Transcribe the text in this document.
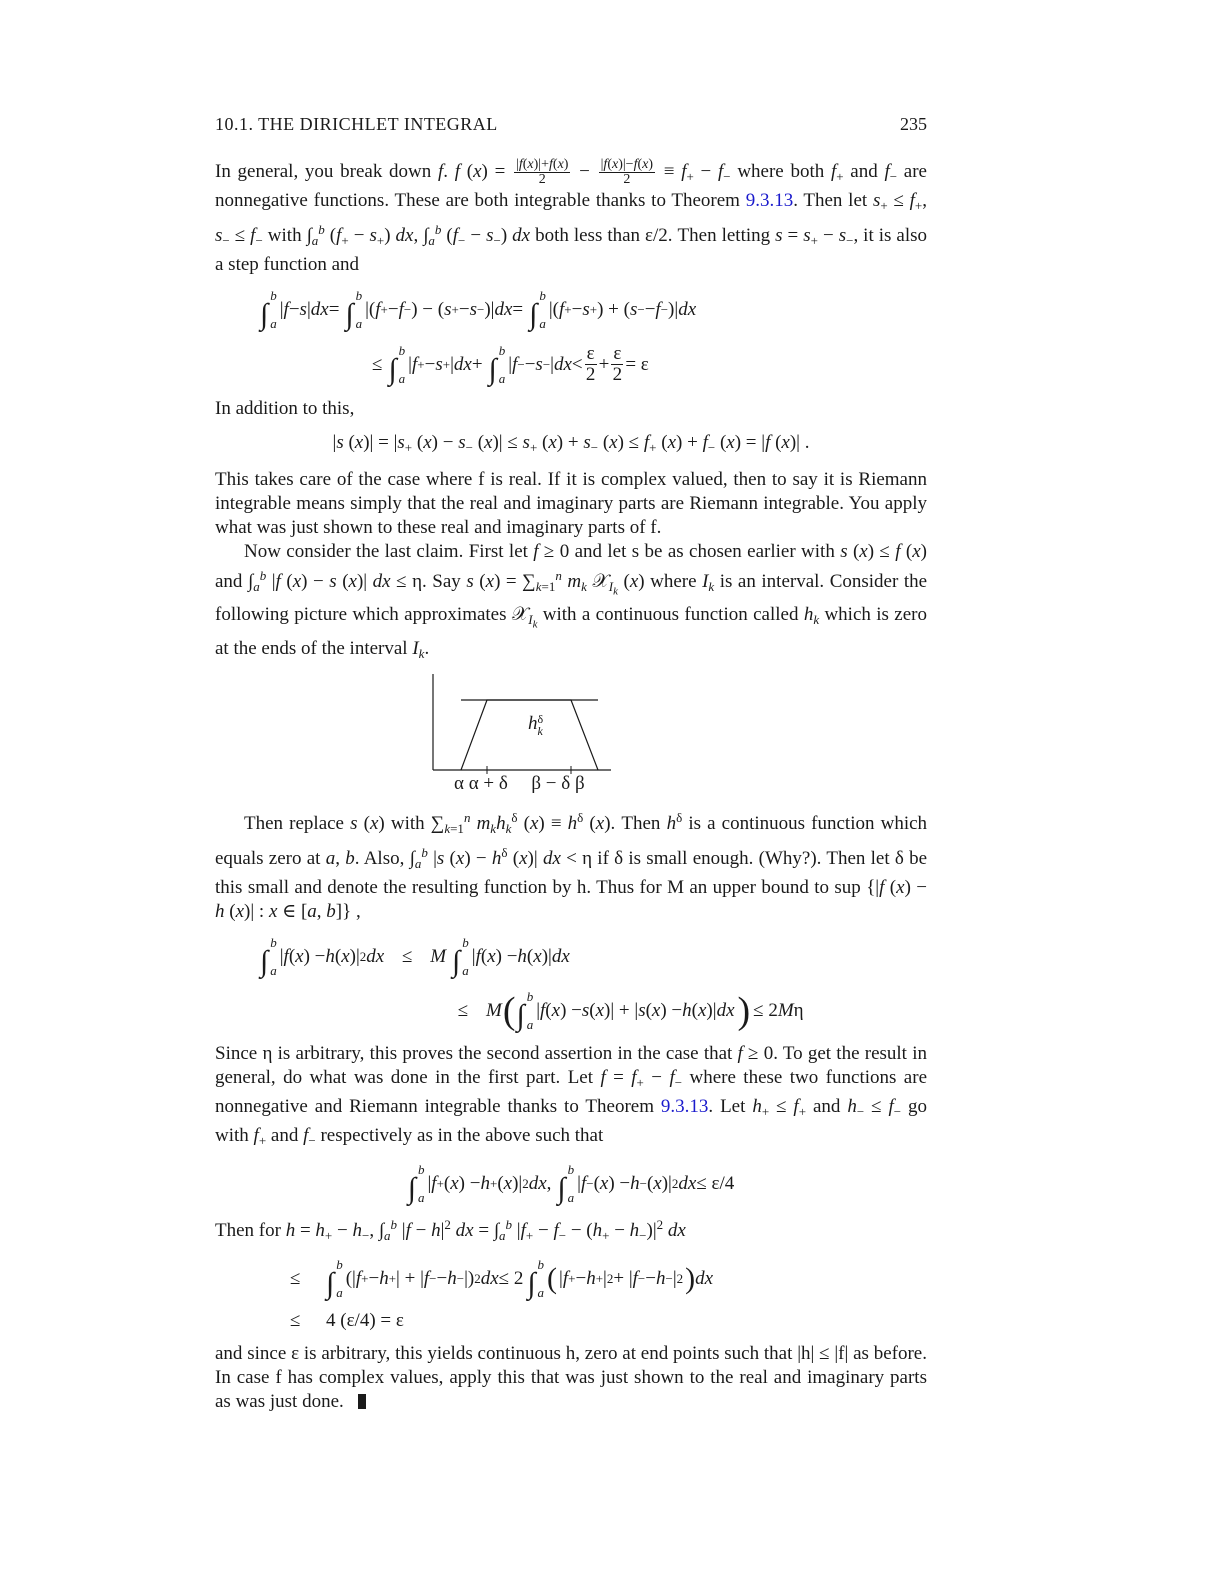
10.1. THE DIRICHLET INTEGRAL	235

In general, you break down f. f $(x) = \frac{|f(x)|+f(x)}{2} - \frac{|f(x)|-f(x)}{2} \equiv f_+ - f_-$ where both $f_+$ and $f_-$ are nonnegative functions. These are both integrable thanks to Theorem 9.3.13. Then let $s_+ \le f_+$, $s_- \le f_-$ with $\int_a^b$ $(f_+ - s_+)$ dx, $\int_a^b$ $(f_- - s_-)$ dx both less than ε/2. Then letting $s = s_+ - s_-$, it is also a step function and

∫
b

a
| f − s | dx = ∫
b

a
|( f + − f − ) − ( s + − s − )| dx = ∫
b

a
|( f + − s + ) + ( s − − f − )| dx
≤ ∫
b

a
| f + − s + | dx + ∫
b

a
| f − − s − | dx < $\frac{\varepsilon}{2} + \frac{\varepsilon}{2} = \varepsilon$

In addition to this,

|s $(x)| = |s_+$ $(x) - s_-$ $(x)| \le s_+$ $(x) + s_-$ $(x) \le f_+$ $(x) + f_-$ (x) = |f (x)| .

This takes care of the case where f is real. If it is complex valued, then to say it is Riemann integrable means simply that the real and imaginary parts are Riemann integrable. You apply what was just shown to these real and imaginary parts of f.

Now consider the last claim. First let f ≥ 0 and let s be as chosen earlier with s (x) ≤ f (x) and $\int_a^b$ |f (x) − s (x)| dx ≤ η. Say s $(x) = \sum_{k=1}^n$ $m_k$ 𝒳$_{I_k}$ (x) where $I_k$ is an interval. Consider the following picture which approximates 𝒳$_{I_k}$ with a continuous function called $h_k$ which is zero at the ends of the interval $I_k$.

h δ
k
α α + δ β − δ β

Then replace s (x) with $\sum_{k=1}^n$ $m_kh_k^\delta$ $(x) \equiv h^\delta$ (x). Then $h^\delta$ is a continuous function which equals zero at a, b. Also, $\int_a^b$ |s $(x) - h^\delta$ (x)| dx < η if δ is small enough. (Why?). Then let δ be this small and denote the resulting function by h. Thus for M an upper bound to sup {|f (x) − h (x)| : x ∈ [a, b]} ,

∫
b

a
| f ( x ) − h ( x )| 2 dx ≤ M ∫
b

a
| f ( x ) − h ( x )| dx
≤ M ( ∫
b

a
| f ( x ) − s ( x )| + | s ( x ) − h ( x )| dx ) ≤ 2 M η

Since η is arbitrary, this proves the second assertion in the case that f ≥ 0. To get the result in general, do what was done in the first part. Let $f = f_+ - f_-$ where these two functions are nonnegative and Riemann integrable thanks to Theorem 9.3.13. Let $h_+ \le f_+$ and $h_- \le f_-$ go with $f_+$ and $f_-$ respectively as in the above such that

∫
b

a
| f + ( x ) − h + ( x )| 2 dx , ∫
b

a
| f − ( x ) − h − ( x )| 2 dx ≤ ε/4

Then for $h = h_+ - h_-$, $\int_a^b$ $|f - h|^2$ dx = $\int_a^b$ $|f_+ - f_- - (h_+ - h_-)|^2$ dx

≤ ∫
b

a
(| f + − h + | + | f − − h − |) 2 dx ≤ 2 ∫
b

a ( | f + − h + | 2 + | f − − h − | 2 ) dx
≤	4 (ε/4) = ε

and since ε is arbitrary, this yields continuous h, zero at end points such that |h| ≤ |f| as before. In case f has complex values, apply this that was just shown to the real and imaginary parts as was just done.
